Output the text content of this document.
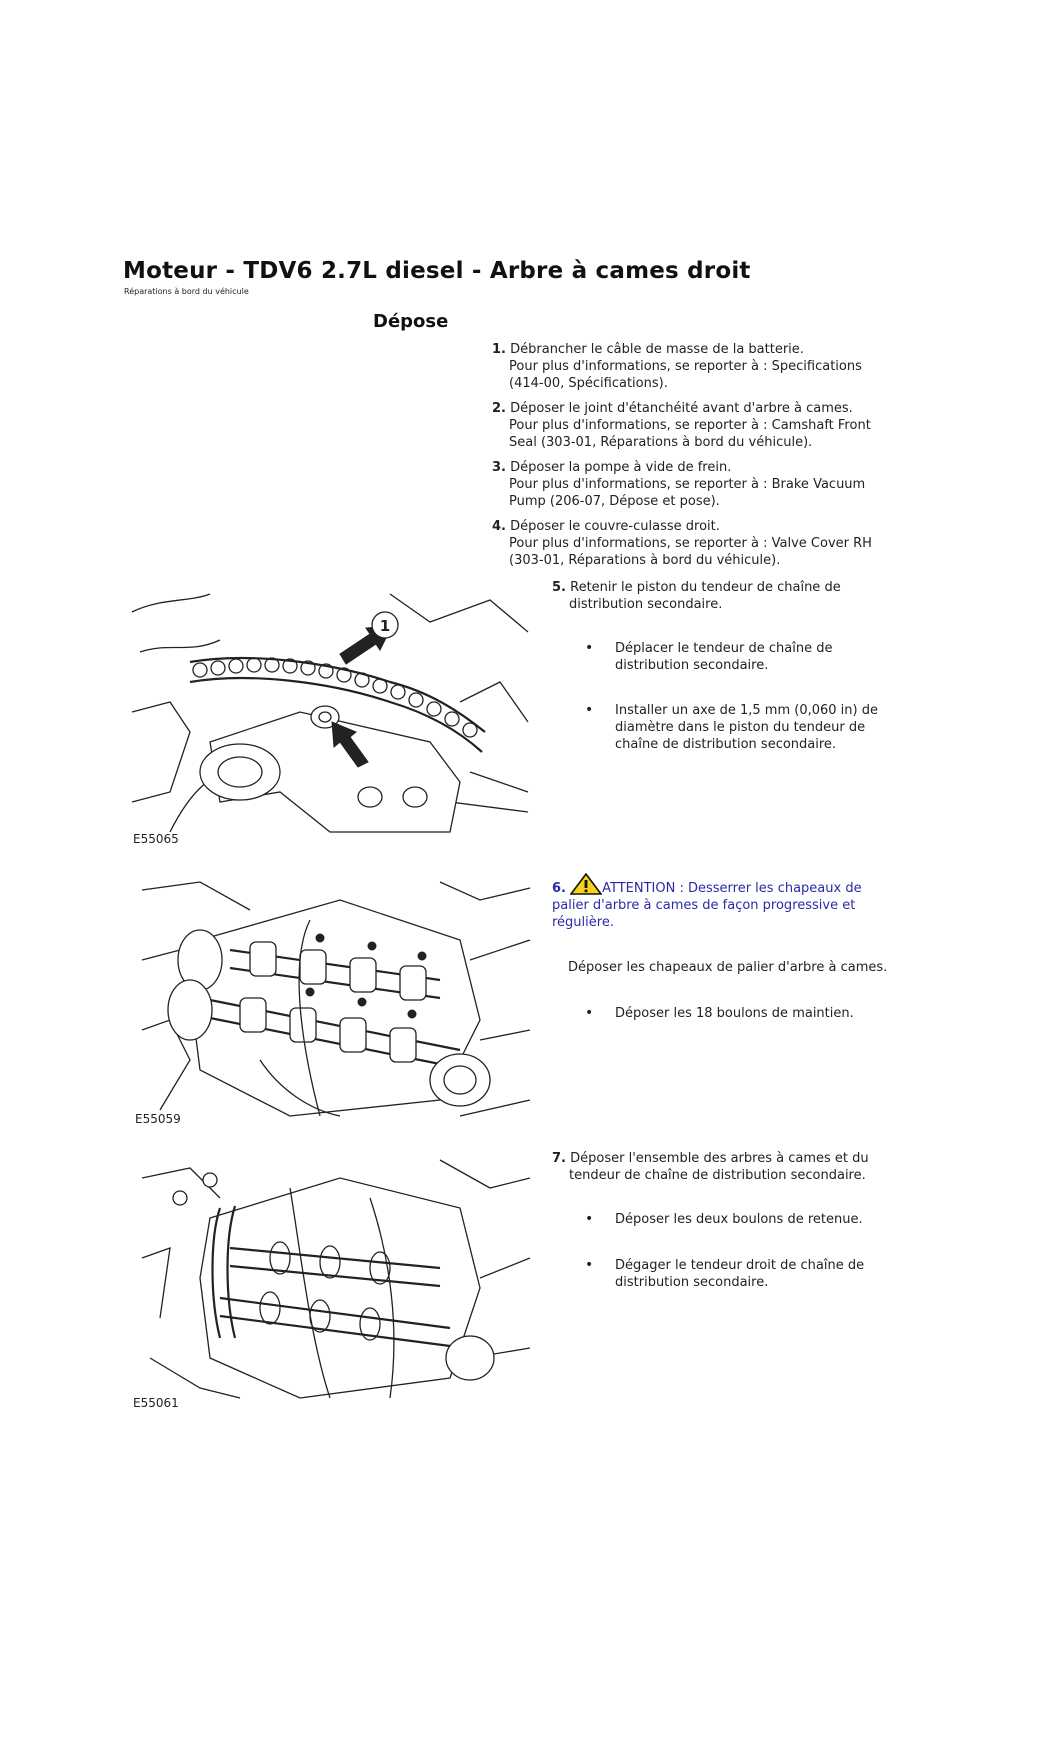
Moteur - TDV6 2.7L diesel - Arbre à cames droit
Réparations à bord du véhicule
Dépose
1. Débrancher le câble de masse de la batterie.
Pour plus d'informations, se reporter à : Specifications
(414-00, Spécifications).
2. Déposer le joint d'étanchéité avant d'arbre à cames.
Pour plus d'informations, se reporter à : Camshaft Front
Seal (303-01, Réparations à bord du véhicule).
3. Déposer la pompe à vide de frein.
Pour plus d'informations, se reporter à : Brake Vacuum
Pump (206-07, Dépose et pose).
4. Déposer le couvre-culasse droit.
Pour plus d'informations, se reporter à : Valve Cover RH
(303-01, Réparations à bord du véhicule).
5. Retenir le piston du tendeur de chaîne de
distribution secondaire.
• Déplacer le tendeur de chaîne de
distribution secondaire.
• Installer un axe de 1,5 mm (0,060 in) de
diamètre dans le piston du tendeur de
chaîne de distribution secondaire.
6.	ATTENTION : Desserrer les chapeaux de
palier d'arbre à cames de façon progressive et
régulière.
Déposer les chapeaux de palier d'arbre à cames.
• Déposer les 18 boulons de maintien.
7. Déposer l'ensemble des arbres à cames et du
tendeur de chaîne de distribution secondaire.
• Déposer les deux boulons de retenue.
• Dégager le tendeur droit de chaîne de
distribution secondaire.
1
E55065
E55059
E55061
